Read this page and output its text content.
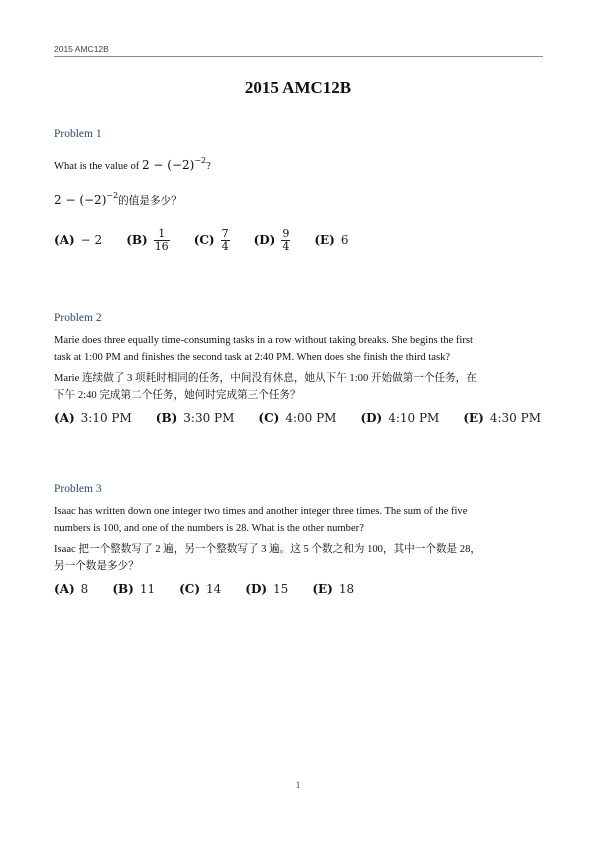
2015 AMC12B
2015 AMC12B
Problem 1
What is the value of $2 - (-2)^{-2}$?
$2 - (-2)^{-2}$的值是多少？
(A) − 2 $(B) \frac{1}{16} (C) \frac{7}{4} (D) \frac{9}{4} (E)$ 6
Problem 2
Marie does three equally time-consuming tasks in a row without taking breaks. She begins the first
task at 1:00 PM and finishes the second task at 2:40 PM. When does she finish the third task?
Marie 连续做了 3 项耗时相同的任务，中间没有休息，她从下午 1:00 开始做第一个任务，在
下午 2:40 完成第二个任务，她何时完成第三个任务？
(A) 3:10 PM (B) 3:30 PM (C) 4:00 PM (D) 4:10 PM (E) 4:30 PM
Problem 3
Isaac has written down one integer two times and another integer three times. The sum of the five
numbers is 100, and one of the numbers is 28. What is the other number?
Isaac 把一个整数写了 2 遍，另一个整数写了 3 遍。这 5 个数之和为 100，其中一个数是 28，
另一个数是多少？
(A) 8 (B) 11 (C) 14 (D) 15 (E) 18
1
